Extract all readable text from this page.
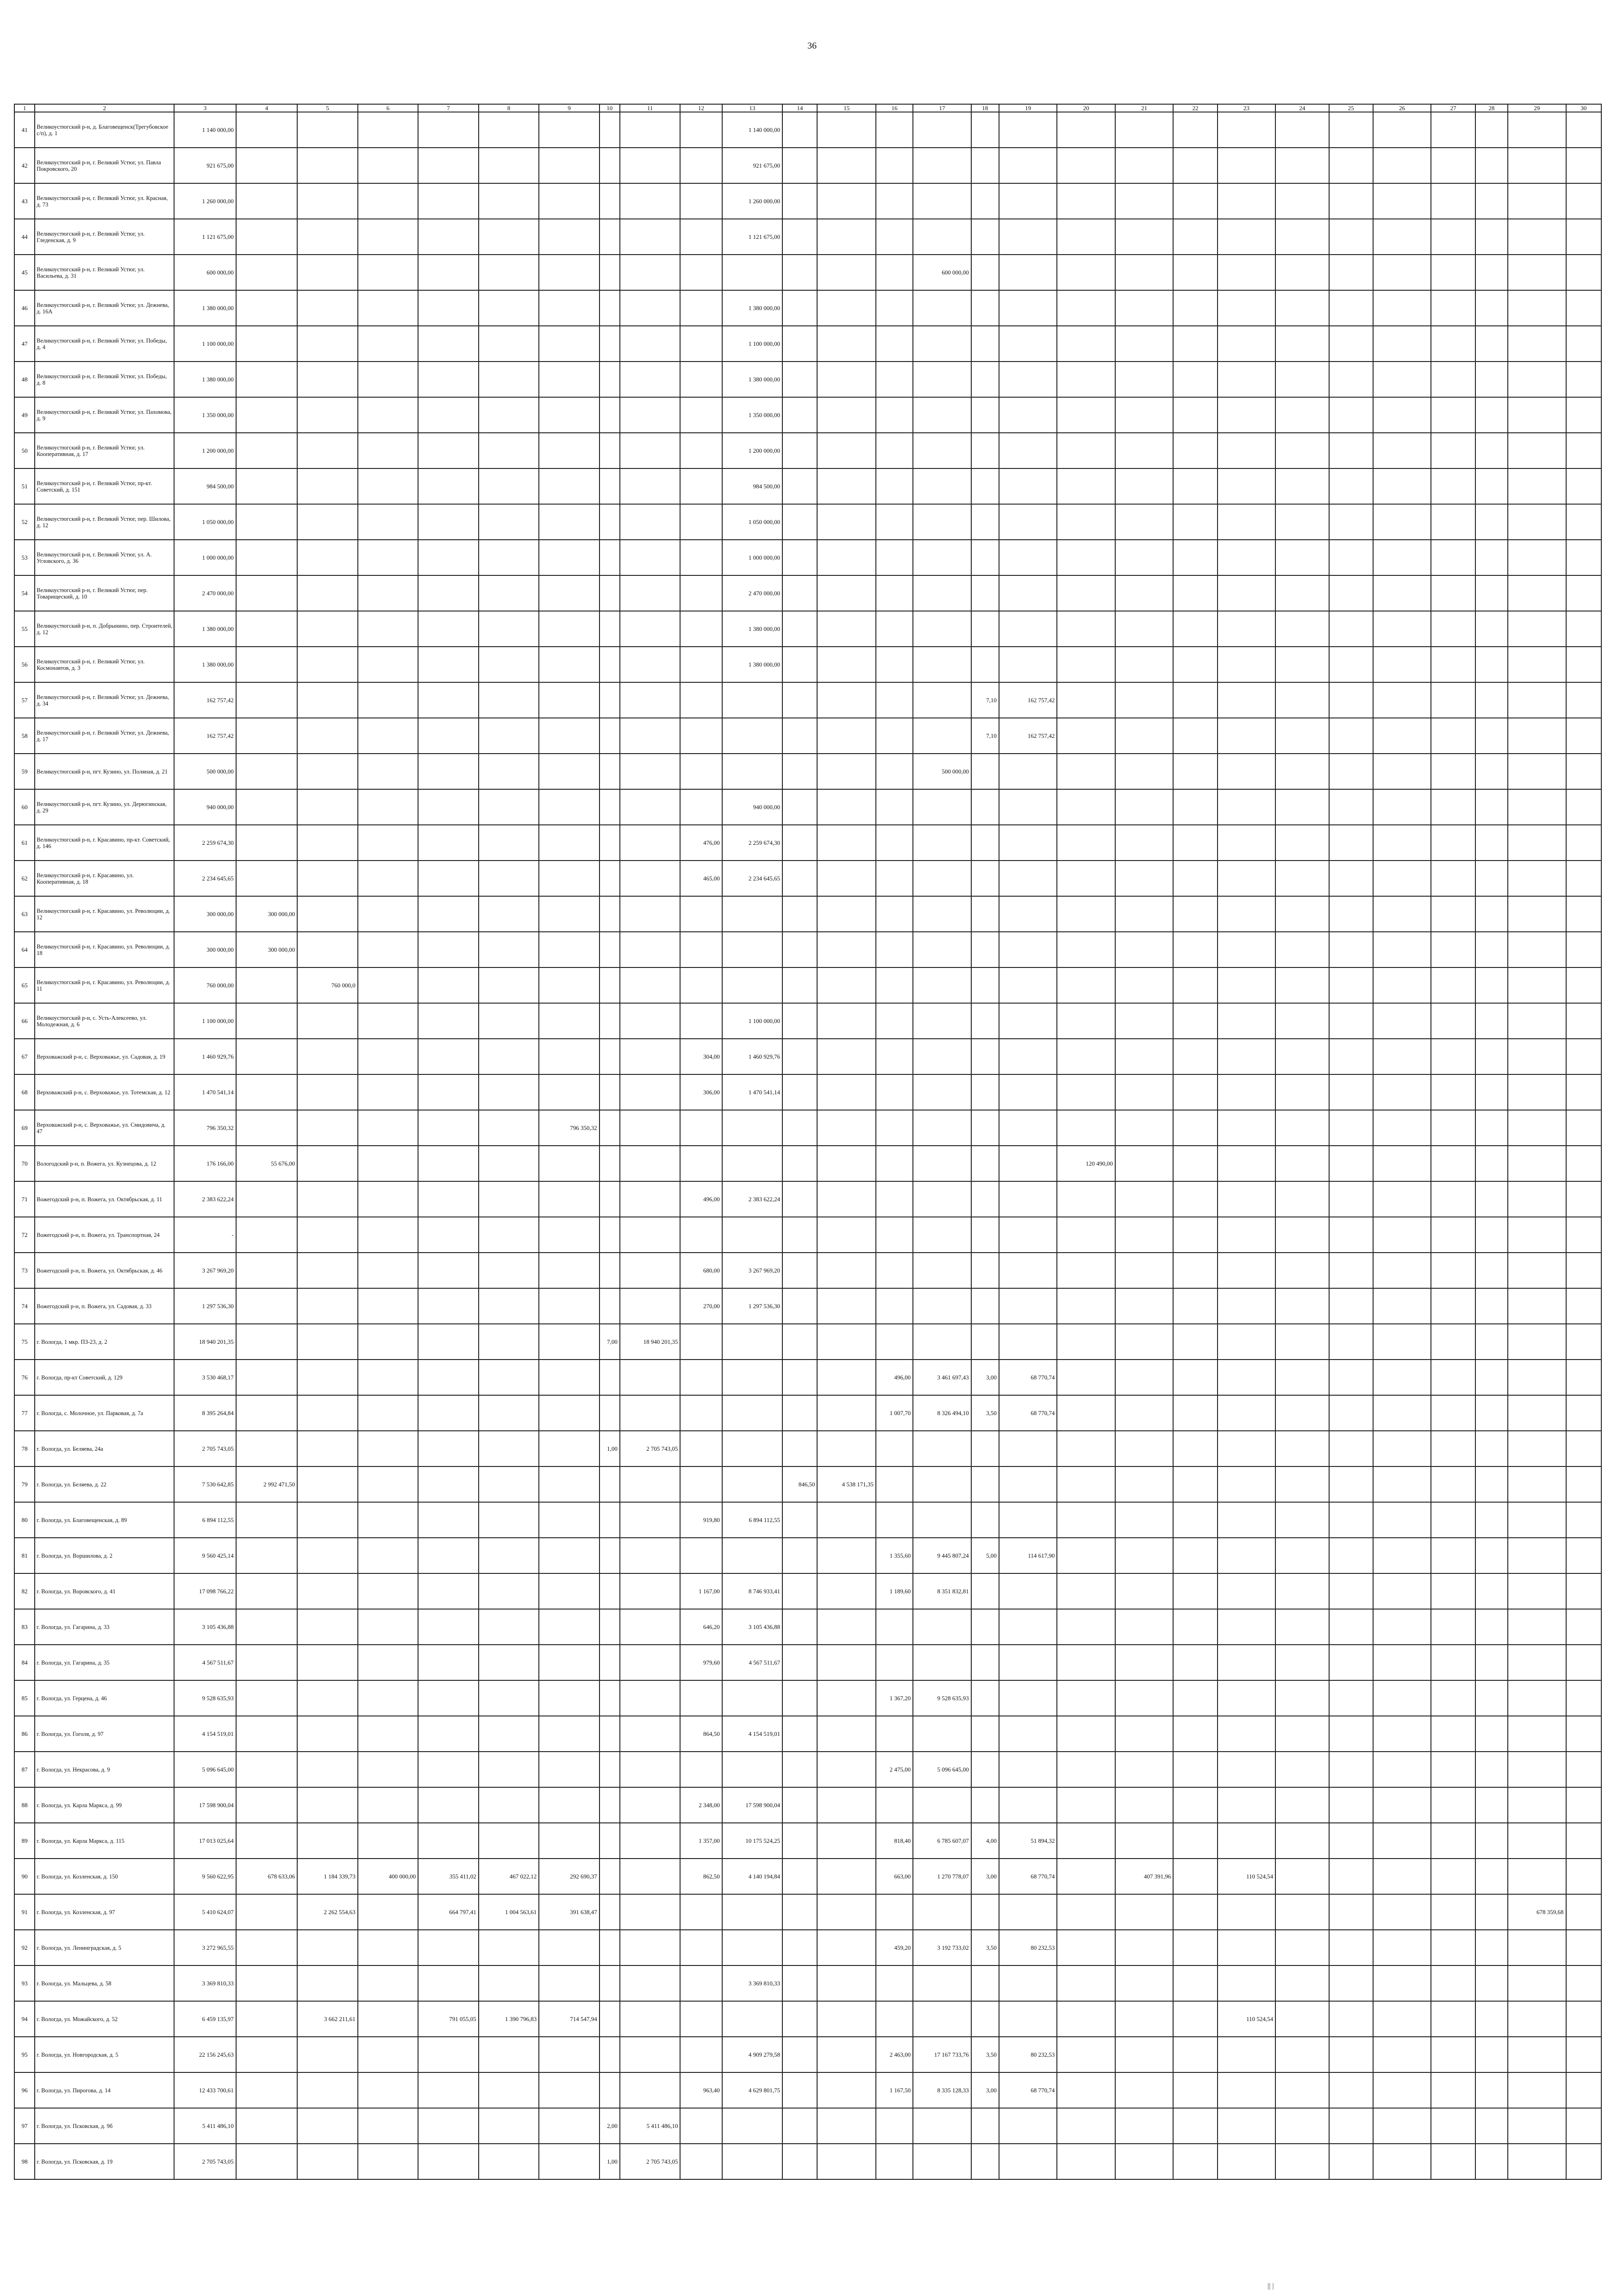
36
1	2	3	4	5	6	7	8	9	10	11	12	13	14	15	16	17	18	19	20	21	22	23	24	25	26	27	28	29	30
41	Великоустюгский р-н, д. Благовещенск(Трегубовское с/п), д. 1	1 140 000,00										1 140 000,00																	
42	Великоустюгский р-н, г. Великий Устюг, ул. Павла Покровского, 20	921 675,00										921 675,00																	
43	Великоустюгский р-н, г. Великий Устюг, ул. Красная, д. 73	1 260 000,00										1 260 000,00																	
44	Великоустюгский р-н, г. Великий Устюг, ул. Гледенская, д. 9	1 121 675,00										1 121 675,00																	
45	Великоустюгский р-н, г. Великий Устюг, ул. Васильева, д. 31	600 000,00														600 000,00													
46	Великоустюгский р-н, г. Великий Устюг, ул. Дежнева, д. 16А	1 380 000,00										1 380 000,00																	
47	Великоустюгский р-н, г. Великий Устюг, ул. Победы, д. 4	1 100 000,00										1 100 000,00																	
48	Великоустюгский р-н, г. Великий Устюг, ул. Победы, д. 8	1 380 000,00										1 380 000,00																	
49	Великоустюгский р-н, г. Великий Устюг, ул. Пахомова, д. 9	1 350 000,00										1 350 000,00																	
50	Великоустюгский р-н, г. Великий Устюг, ул. Кооперативная, д. 17	1 200 000,00										1 200 000,00																	
51	Великоустюгский р-н, г. Великий Устюг, пр-кт. Советский, д. 151	984 500,00										984 500,00																	
52	Великоустюгский р-н, г. Великий Устюг, пер. Шилова, д. 12	1 050 000,00										1 050 000,00																	
53	Великоустюгский р-н, г. Великий Устюг, ул. А. Угловского, д. 36	1 000 000,00										1 000 000,00																	
54	Великоустюгский р-н, г. Великий Устюг, пер. Товарищеский, д. 10	2 470 000,00										2 470 000,00																	
55	Великоустюгский р-н, п. Добрынино, пер. Строителей, д. 12	1 380 000,00										1 380 000,00																	
56	Великоустюгский р-н, г. Великий Устюг, ул. Космонавтов, д. 3	1 380 000,00										1 380 000,00																	
57	Великоустюгский р-н, г. Великий Устюг, ул. Дежнева, д. 34	162 757,42															7,10	162 757,42											
58	Великоустюгский р-н, г. Великий Устюг, ул. Дежнева, д. 17	162 757,42															7,10	162 757,42											
59	Великоустюгский р-н, пгт. Кузино, ул. Поляная, д. 21	500 000,00														500 000,00													
60	Великоустюгский р-н, пгт. Кузино, ул. Дерюгинская, д. 29	940 000,00										940 000,00																	
61	Великоустюгский р-н, г. Красавино, пр-кт. Советский, д. 146	2 259 674,30									476,00	2 259 674,30																	
62	Великоустюгский р-н, г. Красавино, ул. Кооперативная, д. 18	2 234 645,65									465,00	2 234 645,65																	
63	Великоустюгский р-н, г. Красавино, ул. Революции, д. 12	300 000,00	300 000,00																										
64	Великоустюгский р-н, г. Красавино, ул. Революции, д. 18	300 000,00	300 000,00																										
65	Великоустюгский р-н, г. Красавино, ул. Революции, д. 11	760 000,00		760 000,0																									
66	Великоустюгский р-н, с. Усть-Алексеево, ул. Молодежная, д. 6	1 100 000,00										1 100 000,00																	
67	Верховажский р-н, с. Верховажье, ул. Садовая, д. 19	1 460 929,76									304,00	1 460 929,76																	
68	Верховажский р-н, с. Верховажье, ул. Тотемская, д. 12	1 470 541,14									306,00	1 470 541,14																	
69	Верховажский р-н, с. Верховажье, ул. Смидовича, д. 47	796 350,32						796 350,32																					
70	Вологодский р-н, п. Вожега, ул. Кузнецова, д. 12	176 166,00	55 676,00																120 490,00										
71	Вожегодский р-н, п. Вожега, ул. Октябрьская, д. 11	2 383 622,24									496,00	2 383 622,24																	
72	Вожегодский р-н, п. Вожега, ул. Транспортная, 24	-																											
73	Вожегодский р-н, п. Вожега, ул. Октябрьская, д. 46	3 267 969,20									680,00	3 267 969,20																	
74	Вожегодский р-н, п. Вожега, ул. Садовая, д. 33	1 297 536,30									270,00	1 297 536,30																	
75	г. Вологда, 1 мкр. ПЗ-23, д. 2	18 940 201,35							7,00	18 940 201,35																			
76	г. Вологда, пр-кт Советский, д. 129	3 530 468,17													496,00	3 461 697,43	3,00	68 770,74											
77	г. Вологда, с. Молочное, ул. Парковая, д. 7а	8 395 264,84													1 007,70	8 326 494,10	3,50	68 770,74											
78	г. Вологда, ул. Беляева, 24а	2 705 743,05							1,00	2 705 743,05																			
79	г. Вологда, ул. Беляева, д. 22	7 530 642,85	2 992 471,50										846,50	4 538 171,35															
80	г. Вологда, ул. Благовещенская, д. 89	6 894 112,55									919,80	6 894 112,55																	
81	г. Вологда, ул. Воршилова, д. 2	9 560 425,14													1 355,60	9 445 807,24	5,00	114 617,90											
82	г. Вологда, ул. Воровского, д. 41	17 098 766,22									1 167,00	8 746 933,41			1 189,60	8 351 832,81													
83	г. Вологда, ул. Гагарина, д. 33	3 105 436,88									646,20	3 105 436,88																	
84	г. Вологда, ул. Гагарина, д. 35	4 567 511,67									979,60	4 567 511,67																	
85	г. Вологда, ул. Герцена, д. 46	9 528 635,93													1 367,20	9 528 635,93													
86	г. Вологда, ул. Гоголя, д. 97	4 154 519,01									864,50	4 154 519,01																	
87	г. Вологда, ул. Некрасова, д. 9	5 096 645,00													2 475,00	5 096 645,00													
88	г. Вологда, ул. Карла Маркса, д. 99	17 598 900,04									2 348,00	17 598 900,04																	
89	г. Вологда, ул. Карла Маркса, д. 115	17 013 025,64									1 357,00	10 175 524,25			818,40	6 785 607,07	4,00	51 894,32											
90	г. Вологда, ул. Козленская, д. 150	9 560 622,95	678 633,06	1 184 339,73	400 000,00	355 411,02	467 022,12	292 690,37			862,50	4 140 194,84			663,00	1 270 778,07	3,00	68 770,74		407 391,96		110 524,54							
91	г. Вологда, ул. Козленская, д. 97	5 410 624,07		2 262 554,63		664 797,41	1 004 563,61	391 638,47																				678 359,68	
92	г. Вологда, ул. Ленинградская, д. 5	3 272 965,55													459,20	3 192 733,02	3,50	80 232,53											
93	г. Вологда, ул. Мальцева, д. 58	3 369 810,33										3 369 810,33																	
94	г. Вологда, ул. Можайского, д. 52	6 459 135,97		3 662 211,61		791 055,05	1 390 796,83	714 547,94														110 524,54							
95	г. Вологда, ул. Новгородская, д. 5	22 156 245,63										4 909 279,58			2 463,00	17 167 733,76	3,50	80 232,53											
96	г. Вологда, ул. Пирогова, д. 14	12 433 700,61									963,40	4 629 801,75			1 167,50	8 335 128,33	3,00	68 770,74											
97	г. Вологда, ул. Псковская, д. 9б	5 411 486,10							2,00	5 411 486,10																			
98	г. Вологда, ул. Псковская, д. 19	2 705 743,05							1,00	2 705 743,05																			
|| |
